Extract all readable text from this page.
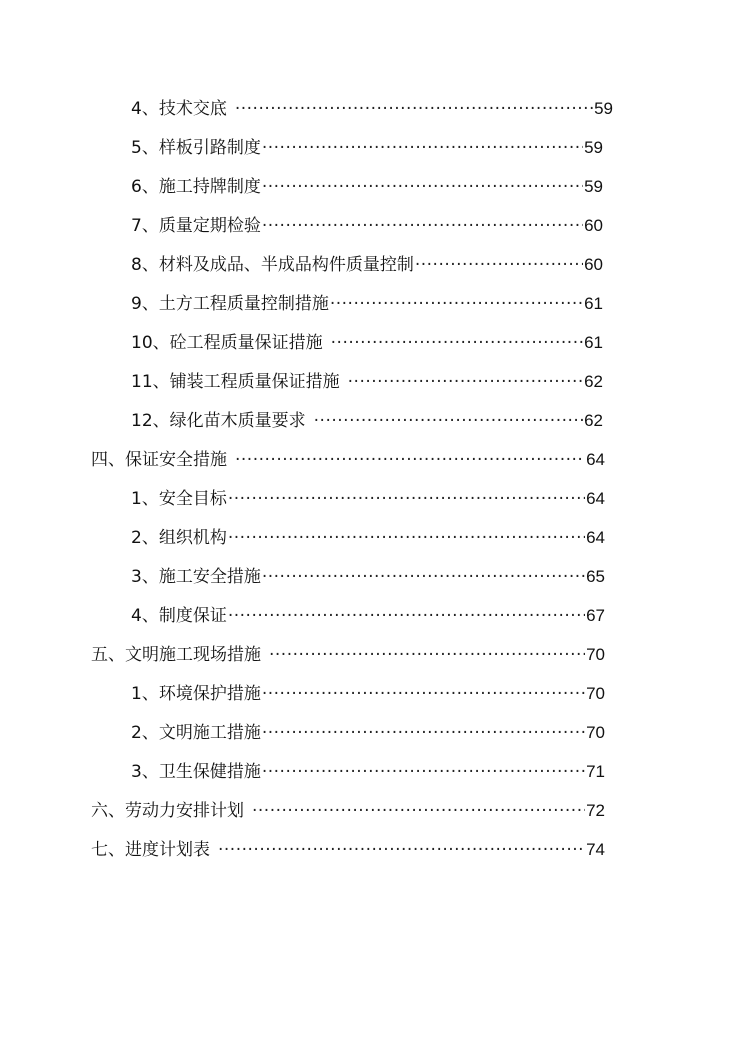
4、技术交底 ·····	59
5、样板引路制度 ·····	59
6、施工持牌制度 ·····	59
7、质量定期检验 ·····	60
8、材料及成品、半成品构件质量控制 ·····	60
9、土方工程质量控制措施 ·····	61
10、砼工程质量保证措施 ·····	61
11、铺装工程质量保证措施 ·····	62
12、绿化苗木质量要求 ·····	62
四、保证安全措施 ·····	64
1、安全目标 ·····	64
2、组织机构 ·····	64
3、施工安全措施 ·····	65
4、制度保证 ·····	67
五、文明施工现场措施 ·····	70
1、环境保护措施 ·····	70
2、文明施工措施 ·····	70
3、卫生保健措施 ·····	71
六、劳动力安排计划 ·····	72
七、进度计划表 ·····	74
